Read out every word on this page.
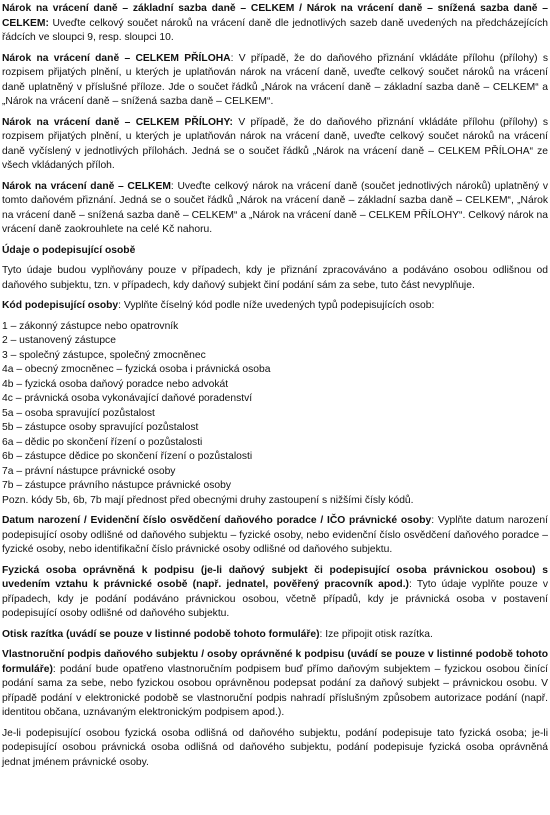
Nárok na vrácení daně – základní sazba daně – CELKEM / Nárok na vrácení daně – snížená sazba daně – CELKEM: Uveďte celkový součet nároků na vrácení daně dle jednotlivých sazeb daně uvedených na předcházejících řádcích ve sloupci 9, resp. sloupci 10.

Nárok na vrácení daně – CELKEM PŘÍLOHA: V případě, že do daňového přiznání vkládáte přílohu (přílohy) s rozpisem přijatých plnění, u kterých je uplatňován nárok na vrácení daně, uveďte celkový součet nároků na vrácení daně uplatněný v příslušné příloze. Jde o součet řádků „Nárok na vrácení daně – základní sazba daně – CELKEM“ a „Nárok na vrácení daně – snížená sazba daně – CELKEM“.

Nárok na vrácení daně – CELKEM PŘÍLOHY: V případě, že do daňového přiznání vkládáte přílohu (přílohy) s rozpisem přijatých plnění, u kterých je uplatňován nárok na vrácení daně, uveďte celkový součet nároků na vrácení daně vyčíslený v jednotlivých přílohách. Jedná se o součet řádků „Nárok na vrácení daně – CELKEM PŘÍLOHA“ ze všech vkládaných příloh.

Nárok na vrácení daně – CELKEM: Uveďte celkový nárok na vrácení daně (součet jednotlivých nároků) uplatněný v tomto daňovém přiznání. Jedná se o součet řádků „Nárok na vrácení daně – základní sazba daně – CELKEM“, „Nárok na vrácení daně – snížená sazba daně – CELKEM“ a „Nárok na vrácení daně – CELKEM PŘÍLOHY“. Celkový nárok na vrácení daně zaokrouhlete na celé Kč nahoru.

Údaje o podepisující osobě

Tyto údaje budou vyplňovány pouze v případech, kdy je přiznání zpracováváno a podáváno osobou odlišnou od daňového subjektu, tzn. v případech, kdy daňový subjekt činí podání sám za sebe, tuto část nevyplňuje.

Kód podepisující osoby: Vyplňte číselný kód podle níže uvedených typů podepisujících osob:

1 – zákonný zástupce nebo opatrovník
2 – ustanovený zástupce
3 – společný zástupce, společný zmocněnec
4a – obecný zmocněnec – fyzická osoba i právnická osoba
4b – fyzická osoba daňový poradce nebo advokát
4c – právnická osoba vykonávající daňové poradenství
5a – osoba spravující pozůstalost
5b – zástupce osoby spravující pozůstalost
6a – dědic po skončení řízení o pozůstalosti
6b – zástupce dědice po skončení řízení o pozůstalosti
7a – právní nástupce právnické osoby
7b – zástupce právního nástupce právnické osoby
Pozn. kódy 5b, 6b, 7b mají přednost před obecnými druhy zastoupení s nižšími čísly kódů.

Datum narození / Evidenční číslo osvědčení daňového poradce / IČO právnické osoby: Vyplňte datum narození podepisující osoby odlišné od daňového subjektu – fyzické osoby, nebo evidenční číslo osvědčení daňového poradce – fyzické osoby, nebo identifikační číslo právnické osoby odlišné od daňového subjektu.

Fyzická osoba oprávněná k podpisu (je-li daňový subjekt či podepisující osoba právnickou osobou) s uvedením vztahu k právnické osobě (např. jednatel, pověřený pracovník apod.): Tyto údaje vyplňte pouze v případech, kdy je podání podáváno právnickou osobou, včetně případů, kdy je právnická osoba v postavení podepisující osoby odlišné od daňového subjektu.

Otisk razítka (uvádí se pouze v listinné podobě tohoto formuláře): Ize připojit otisk razítka.

Vlastnoruční podpis daňového subjektu / osoby oprávněné k podpisu (uvádí se pouze v listinné podobě tohoto formuláře): podání bude opatřeno vlastnoručním podpisem buď přímo daňovým subjektem – fyzickou osobou činící podání sama za sebe, nebo fyzickou osobou oprávněnou podepsat podání za daňový subjekt – právnickou osobu. V případě podání v elektronické podobě se vlastnoruční podpis nahradí příslušným způsobem autorizace podání (např. identitou občana, uznávaným elektronickým podpisem apod.).

Je-li podepisující osobou fyzická osoba odlišná od daňového subjektu, podání podepisuje tato fyzická osoba; je-li podepisující osobou právnická osoba odlišná od daňového subjektu, podání podepisuje fyzická osoba oprávněná jednat jménem právnické osoby.
